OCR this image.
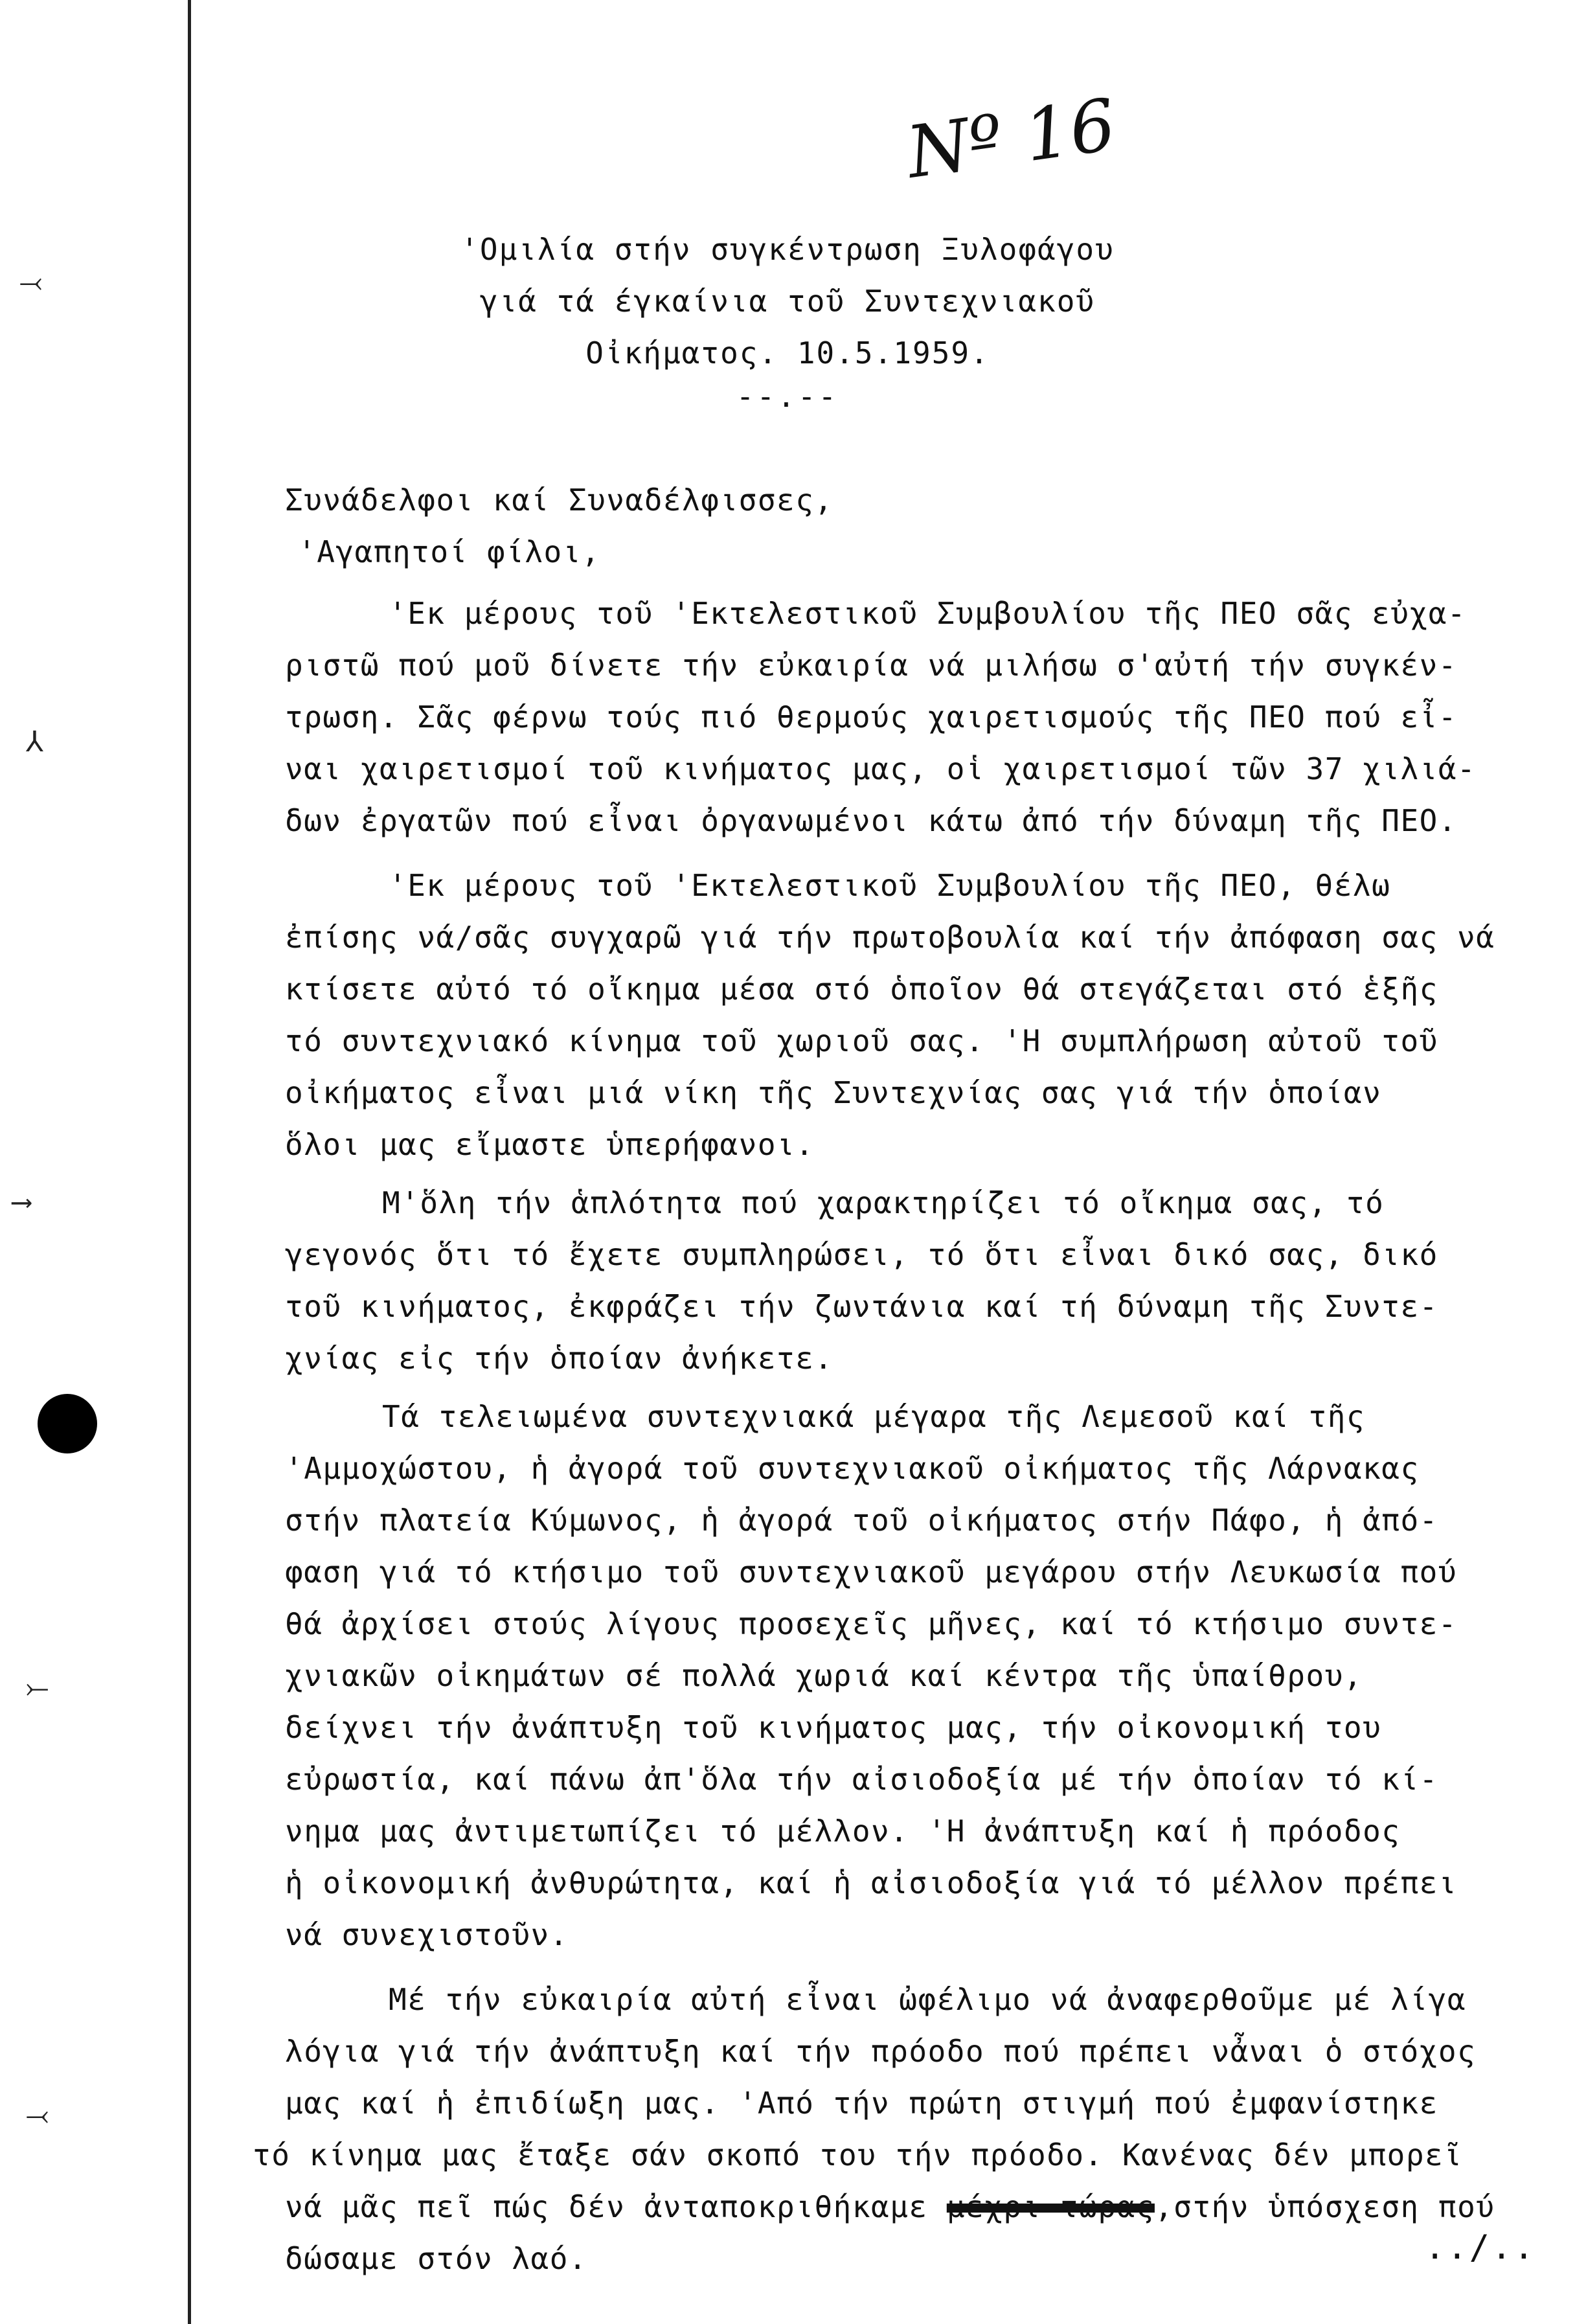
⤙
⅄
⟶
⤚
⤙
Nº 16
'Ομιλία στήν συγκέντρωση Ξυλοφάγου
γιά τά έγκαίνια τοῦ Συντεχνιακοῦ
Οἰκήματος. 10.5.1959.
--.--
Συνάδελφοι καί Συναδέλφισσες,
'Αγαπητοί φίλοι,
'Εκ μέρους τοῦ 'Εκτελεστικοῦ Συμβουλίου τῆς ΠΕΟ σᾶς εὐχα-
ριστῶ πού μοῦ δίνετε τήν εὐκαιρία νά μιλήσω σ'αὐτή τήν συγκέν-
τρωση. Σᾶς φέρνω τούς πιό θερμούς χαιρετισμούς τῆς ΠΕΟ πού εἶ-
ναι χαιρετισμοί τοῦ κινήματος μας, οἱ χαιρετισμοί τῶν 37 χιλιά-
δων ἐργατῶν πού εἶναι ὀργανωμένοι κάτω ἀπό τήν δύναμη τῆς ΠΕΟ.
'Εκ μέρους τοῦ 'Εκτελεστικοῦ Συμβουλίου τῆς ΠΕΟ, θέλω
ἐπίσης νά/σᾶς συγχαρῶ γιά τήν πρωτοβουλία καί τήν ἀπόφαση σας νά
κτίσετε αὐτό τό οἴκημα μέσα στό ὁποῖον θά στεγάζεται στό ἑξῆς
τό συντεχνιακό κίνημα τοῦ χωριοῦ σας. 'Η συμπλήρωση αὐτοῦ τοῦ
οἰκήματος εἶναι μιά νίκη τῆς Συντεχνίας σας γιά τήν ὁποίαν
ὅλοι μας εἴμαστε ὑπερήφανοι.
Μ'ὅλη τήν ἁπλότητα πού χαρακτηρίζει τό οἴκημα σας, τό
γεγονός ὅτι τό ἔχετε συμπληρώσει, τό ὅτι εἶναι δικό σας, δικό
τοῦ κινήματος, ἐκφράζει τήν ζωντάνια καί τή δύναμη τῆς Συντε-
χνίας εἰς τήν ὁποίαν ἀνήκετε.
Τά τελειωμένα συντεχνιακά μέγαρα τῆς Λεμεσοῦ καί τῆς
'Αμμοχώστου, ἡ ἀγορά τοῦ συντεχνιακοῦ οἰκήματος τῆς Λάρνακας
στήν πλατεία Κύμωνος, ἡ ἀγορά τοῦ οἰκήματος στήν Πάφο, ἡ ἀπό-
φαση γιά τό κτήσιμο τοῦ συντεχνιακοῦ μεγάρου στήν Λευκωσία πού
θά ἀρχίσει στούς λίγους προσεχεῖς μῆνες, καί τό κτήσιμο συντε-
χνιακῶν οἰκημάτων σέ πολλά χωριά καί κέντρα τῆς ὑπαίθρου,
δείχνει τήν ἀνάπτυξη τοῦ κινήματος μας, τήν οἰκονομική του
εὐρωστία, καί πάνω ἀπ'ὅλα τήν αἰσιοδοξία μέ τήν ὁποίαν τό κί-
νημα μας ἀντιμετωπίζει τό μέλλον. 'Η ἀνάπτυξη καί ἡ πρόοδος
ἡ οἰκονομική ἀνθυρώτητα, καί ἡ αἰσιοδοξία γιά τό μέλλον πρέπει
νά συνεχιστοῦν.
Μέ τήν εὐκαιρία αὐτή εἶναι ὠφέλιμο νά ἀναφερθοῦμε μέ λίγα
λόγια γιά τήν ἀνάπτυξη καί τήν πρόοδο πού πρέπει νἆναι ὁ στόχος
μας καί ἡ ἐπιδίωξη μας. 'Από τήν πρώτη στιγμή πού ἐμφανίστηκε
τό κίνημα μας ἔταξε σάν σκοπό του τήν πρόοδο. Κανένας δέν μπορεῖ
νά μᾶς πεῖ πώς δέν ἀνταποκριθήκαμε μέχρι τώρας,στήν ὑπόσχεση πού
δώσαμε στόν λαό.	../..
